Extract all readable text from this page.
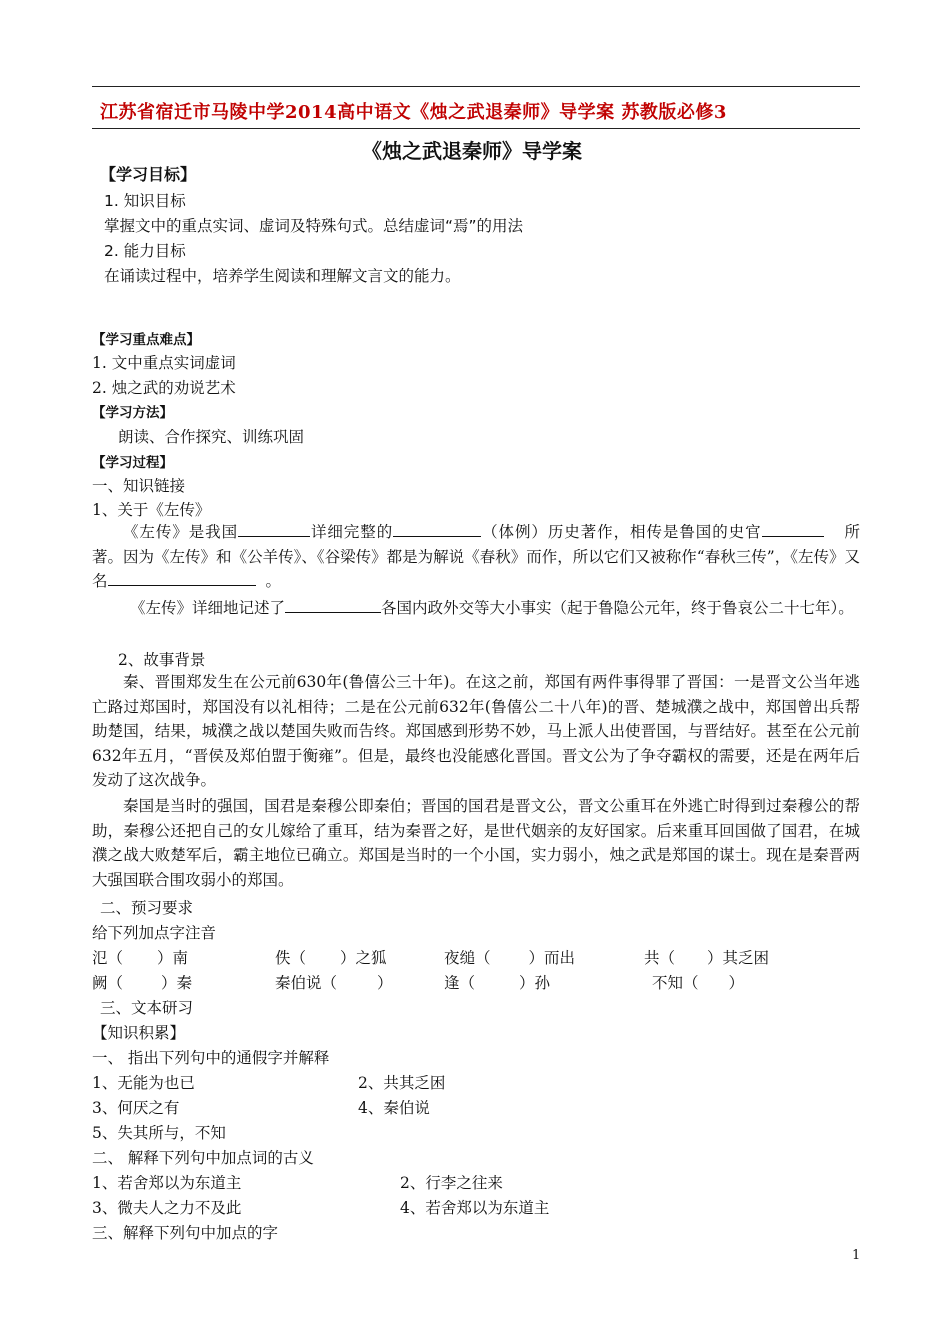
江苏省宿迁市马陵中学2014高中语文《烛之武退秦师》导学案 苏教版必修3
《烛之武退秦师》导学案
【学习目标】
1. 知识目标
掌握文中的重点实词、虚词及特殊句式。总结虚词“焉”的用法
2. 能力目标
在诵读过程中，培养学生阅读和理解文言文的能力。
【学习重点难点】
1. 文中重点实词虚词
2. 烛之武的劝说艺术
【学习方法】
朗读、合作探究、训练巩固
【学习过程】
一、知识链接
1、关于《左传》
《左传》是我国	详细完整的	（体例）历史著作，相传是鲁国的史官	所著。因为《左传》和《公羊传》、《谷梁传》都是为解说《春秋》而作，所以它们又被称作“春秋三传”，《左传》又名	。
《左传》详细地记述了	各国内政外交等大小事实（起于鲁隐公元年，终于鲁哀公二十七年）。
2、故事背景
秦、晋围郑发生在公元前630年(鲁僖公三十年)。在这之前，郑国有两件事得罪了晋国：一是晋文公当年逃亡路过郑国时，郑国没有以礼相待；二是在公元前632年(鲁僖公二十八年)的晋、楚城濮之战中，郑国曾出兵帮助楚国，结果，城濮之战以楚国失败而告终。郑国感到形势不妙，马上派人出使晋国，与晋结好。甚至在公元前632年五月，“晋侯及郑伯盟于衡雍”。但是，最终也没能感化晋国。晋文公为了争夺霸权的需要，还是在两年后发动了这次战争。
秦国是当时的强国，国君是秦穆公即秦伯；晋国的国君是晋文公，晋文公重耳在外逃亡时得到过秦穆公的帮助，秦穆公还把自己的女儿嫁给了重耳，结为秦晋之好，是世代姻亲的友好国家。后来重耳回国做了国君，在城濮之战大败楚军后，霸主地位已确立。郑国是当时的一个小国，实力弱小，烛之武是郑国的谋士。现在是秦晋两大强国联合围攻弱小的郑国。
二、预习要求
给下列加点字注音
氾（ ）南	佚（ ）之狐	夜缒（ ）而出	共（ ）其乏困
阙（ ）秦	秦伯说（	）	逢（	）孙	不知（ ）
三、文本研习
【知识积累】
一、 指出下列句中的通假字并解释
1、无能为也已	2、共其乏困
3、何厌之有	4、秦伯说
5、失其所与，不知
二、 解释下列句中加点词的古义
1、若舍郑以为东道主	2、行李之往来
3、微夫人之力不及此	4、若舍郑以为东道主
三、解释下列句中加点的字
1
